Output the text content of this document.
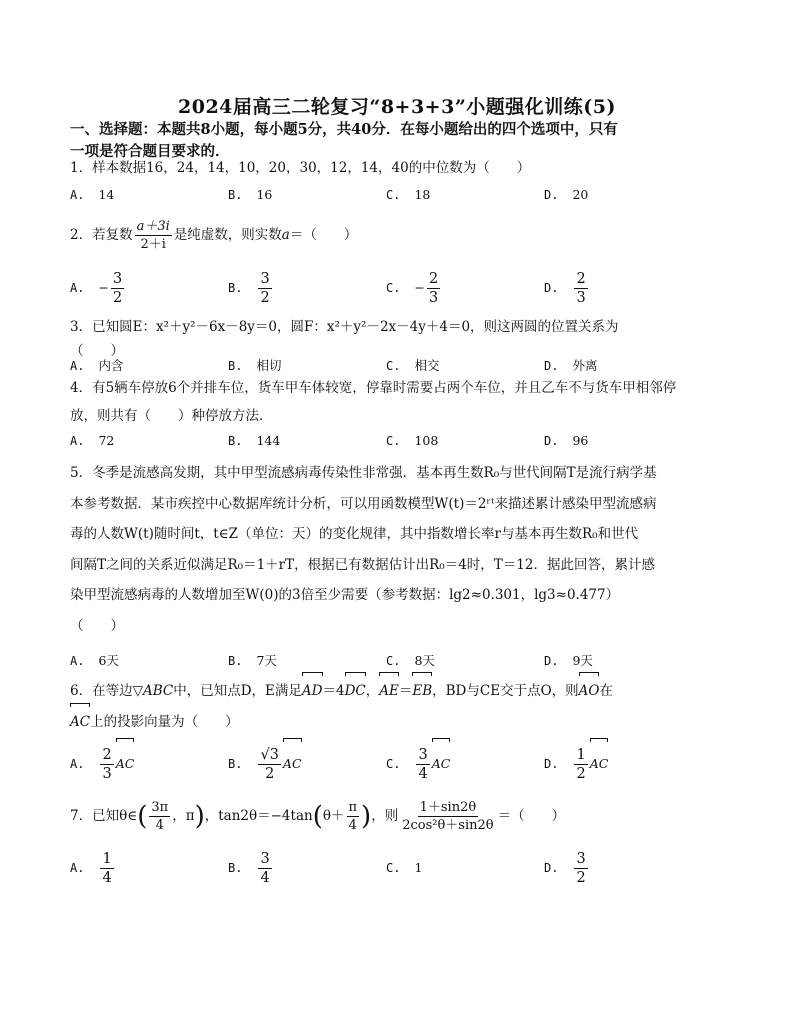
2024届高三二轮复习“8+3+3”小题强化训练(5)
一、选择题：本题共8小题，每小题5分，共40分．在每小题给出的四个选项中，只有
一项是符合题目要求的．
1．样本数据16，24，14，10，20，30，12，14，40的中位数为（　　）
A. 14	B. 16	C. 18	D. 20
2．若复数 $\frac{a+3i}{2+i}$ 是纯虚数，则实数a＝（　　）
A. − $\frac{3}{2}$	B. $\frac{3}{2}$	C. − $\frac{2}{3}$	D. $\frac{2}{3}$
3．已知圆E：x²＋y²－6x－8y＝0，圆F：x²＋y²－2x－4y＋4＝0，则这两圆的位置关系为
（　　）
A. 内含	B. 相切	C. 相交	D. 外离
4．有5辆车停放6个并排车位，货车甲车体较宽，停靠时需要占两个车位，并且乙车不与货车甲相邻停
放，则共有（　　）种停放方法．
A. 72	B. 144	C. 108	D. 96
5．冬季是流感高发期，其中甲型流感病毒传染性非常强．基本再生数R₀与世代间隔T是流行病学基
本参考数据．某市疾控中心数据库统计分析，可以用函数模型W(t)＝2ʳᵗ来描述累计感染甲型流感病
毒的人数W(t)随时间t，t∈Z（单位：天）的变化规律，其中指数增长率r与基本再生数R₀和世代
间隔T之间的关系近似满足R₀＝1＋rT，根据已有数据估计出R₀＝4时，T＝12．据此回答，累计感
染甲型流感病毒的人数增加至W(0)的3倍至少需要（参考数据：lg2≈0.301，lg3≈0.477）
（　　）
A. 6天	B. 7天	C. 8天	D. 9天
6．在等边▽ABC中，已知点D，E满足AD＝4DC，AE＝EB，BD与CE交于点O，则AO在
AC上的投影向量为（　　）
A. $\frac{2}{3}$ AC	B. $\frac{√3}{2}$ AC	C. $\frac{3}{4}$ AC	D. $\frac{1}{2}$ AC
7．已知θ∈( $\frac{3\pi}{4}$ ，π)，$\tan 2\theta=-4\tan(\theta+ \frac{\pi}{4}$ )，则 $\frac{1+\sin 2\theta}{\text{2cos²θ＋sin2θ}}$ ＝（　　）
A. $\frac{1}{4}$	B. $\frac{3}{4}$	C. 1	D. $\frac{3}{2}$
